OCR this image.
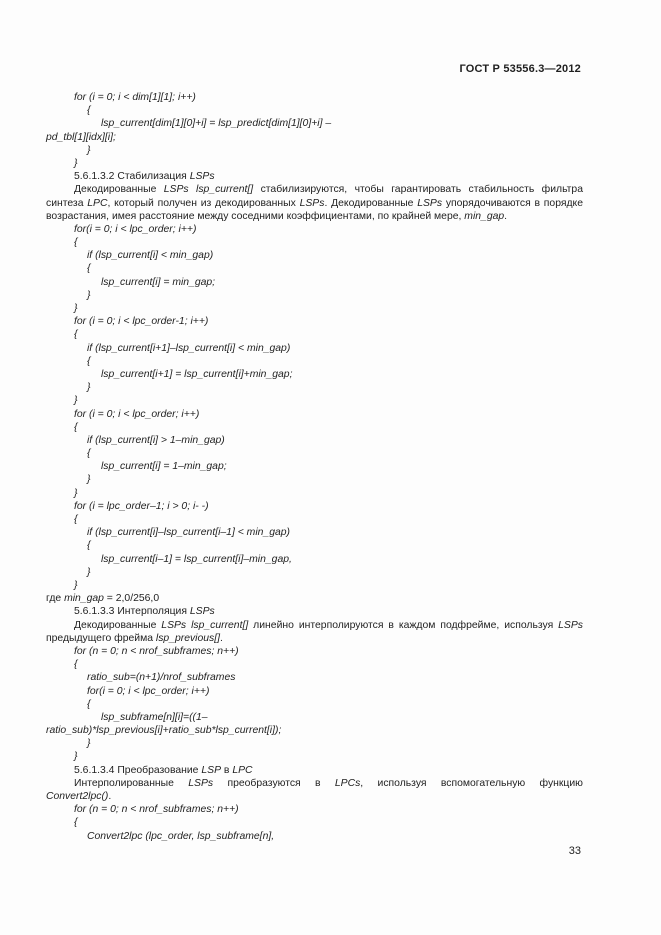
ГОСТ Р 53556.3—2012
for (i = 0; i < dim[1][1]; i++)
{
lsp_current[dim[1][0]+i] = lsp_predict[dim[1][0]+i] –
pd_tbl[1][idx][i];
}
}
5.6.1.3.2 Стабилизация LSPs
Декодированные LSPs lsp_current[] стабилизируются, чтобы гарантировать стабильность фильтра синтеза LPC, который получен из декодированных LSPs. Декодированные LSPs упорядочиваются в порядке возрастания, имея расстояние между соседними коэффициентами, по крайней мере, min_gap.
for(i = 0; i < lpc_order; i++)
{
if (lsp_current[i] < min_gap)
{
lsp_current[i] = min_gap;
}
}
for (i = 0; i < lpc_order-1; i++)
{
if (lsp_current[i+1]–lsp_current[i] < min_gap)
{
lsp_current[i+1] = lsp_current[i]+min_gap;
}
}
for (i = 0; i < lpc_order; i++)
{
if (lsp_current[i] > 1–min_gap)
{
lsp_current[i] = 1–min_gap;
}
}
for (i = lpc_order–1; i > 0; i- -)
{
if (lsp_current[i]–lsp_current[i–1] < min_gap)
{
lsp_current[i–1] = lsp_current[i]–min_gap,
}
}
где min_gap = 2,0/256,0
5.6.1.3.3 Интерполяция LSPs
Декодированные LSPs lsp_current[] линейно интерполируются в каждом подфрейме, используя LSPs предыдущего фрейма lsp_previous[].
for (n = 0; n < nrof_subframes; n++)
{
ratio_sub=(n+1)/nrof_subframes
for(i = 0; i < lpc_order; i++)
{
lsp_subframe[n][i]=((1–
ratio_sub)*lsp_previous[i]+ratio_sub*lsp_current[i]);
}
}
5.6.1.3.4 Преобразование LSP в LPC
Интерполированные LSPs преобразуются в LPCs, используя вспомогательную функцию
Convert2lpc().
for (n = 0; n < nrof_subframes; n++)
{
Convert2lpc (lpc_order, lsp_subframe[n],
33
